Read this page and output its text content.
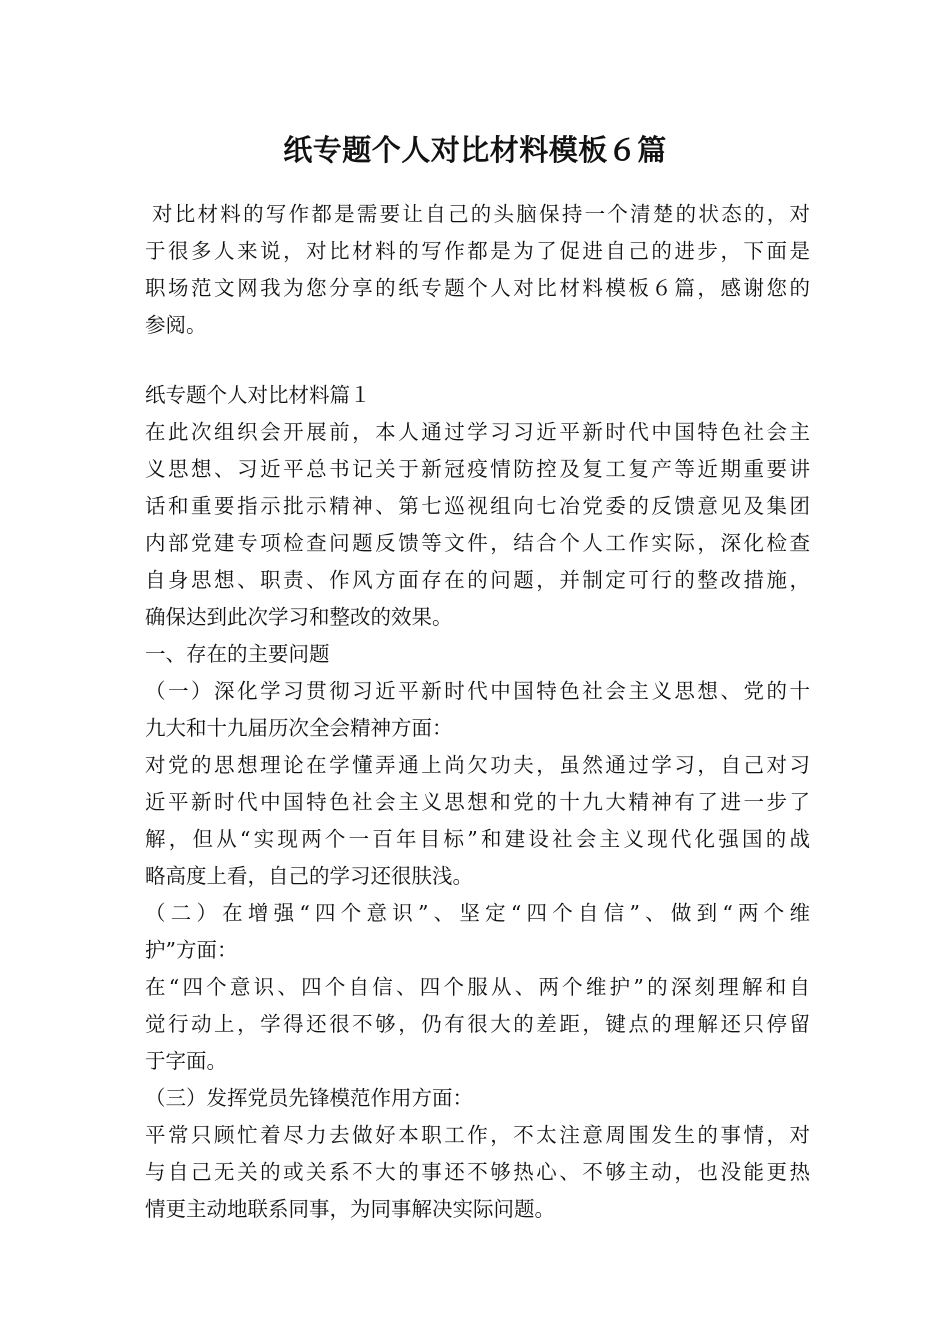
纸专题个人对比材料模板６篇
对比材料的写作都是需要让自己的头脑保持一个清楚的状态的，对
于很多人来说，对比材料的写作都是为了促进自己的进步，下面是
职场范文网我为您分享的纸专题个人对比材料模板６篇，感谢您的
参阅。
纸专题个人对比材料篇１
在此次组织会开展前，本人通过学习习近平新时代中国特色社会主
义思想、习近平总书记关于新冠疫情防控及复工复产等近期重要讲
话和重要指示批示精神、第七巡视组向七冶党委的反馈意见及集团
内部党建专项检查问题反馈等文件，结合个人工作实际，深化检查
自身思想、职责、作风方面存在的问题，并制定可行的整改措施，
确保达到此次学习和整改的效果。
一、存在的主要问题
（一）深化学习贯彻习近平新时代中国特色社会主义思想、党的十
九大和十九届历次全会精神方面：
对党的思想理论在学懂弄通上尚欠功夫，虽然通过学习，自己对习
近平新时代中国特色社会主义思想和党的十九大精神有了进一步了
解，但从“实现两个一百年目标”和建设社会主义现代化强国的战
略高度上看，自己的学习还很肤浅。
（二）在增强“四个意识”、坚定“四个自信”、做到“两个维
护”方面：
在“四个意识、四个自信、四个服从、两个维护”的深刻理解和自
觉行动上，学得还很不够，仍有很大的差距，键点的理解还只停留
于字面。
（三）发挥党员先锋模范作用方面：
平常只顾忙着尽力去做好本职工作，不太注意周围发生的事情，对
与自己无关的或关系不大的事还不够热心、不够主动，也没能更热
情更主动地联系同事，为同事解决实际问题。
